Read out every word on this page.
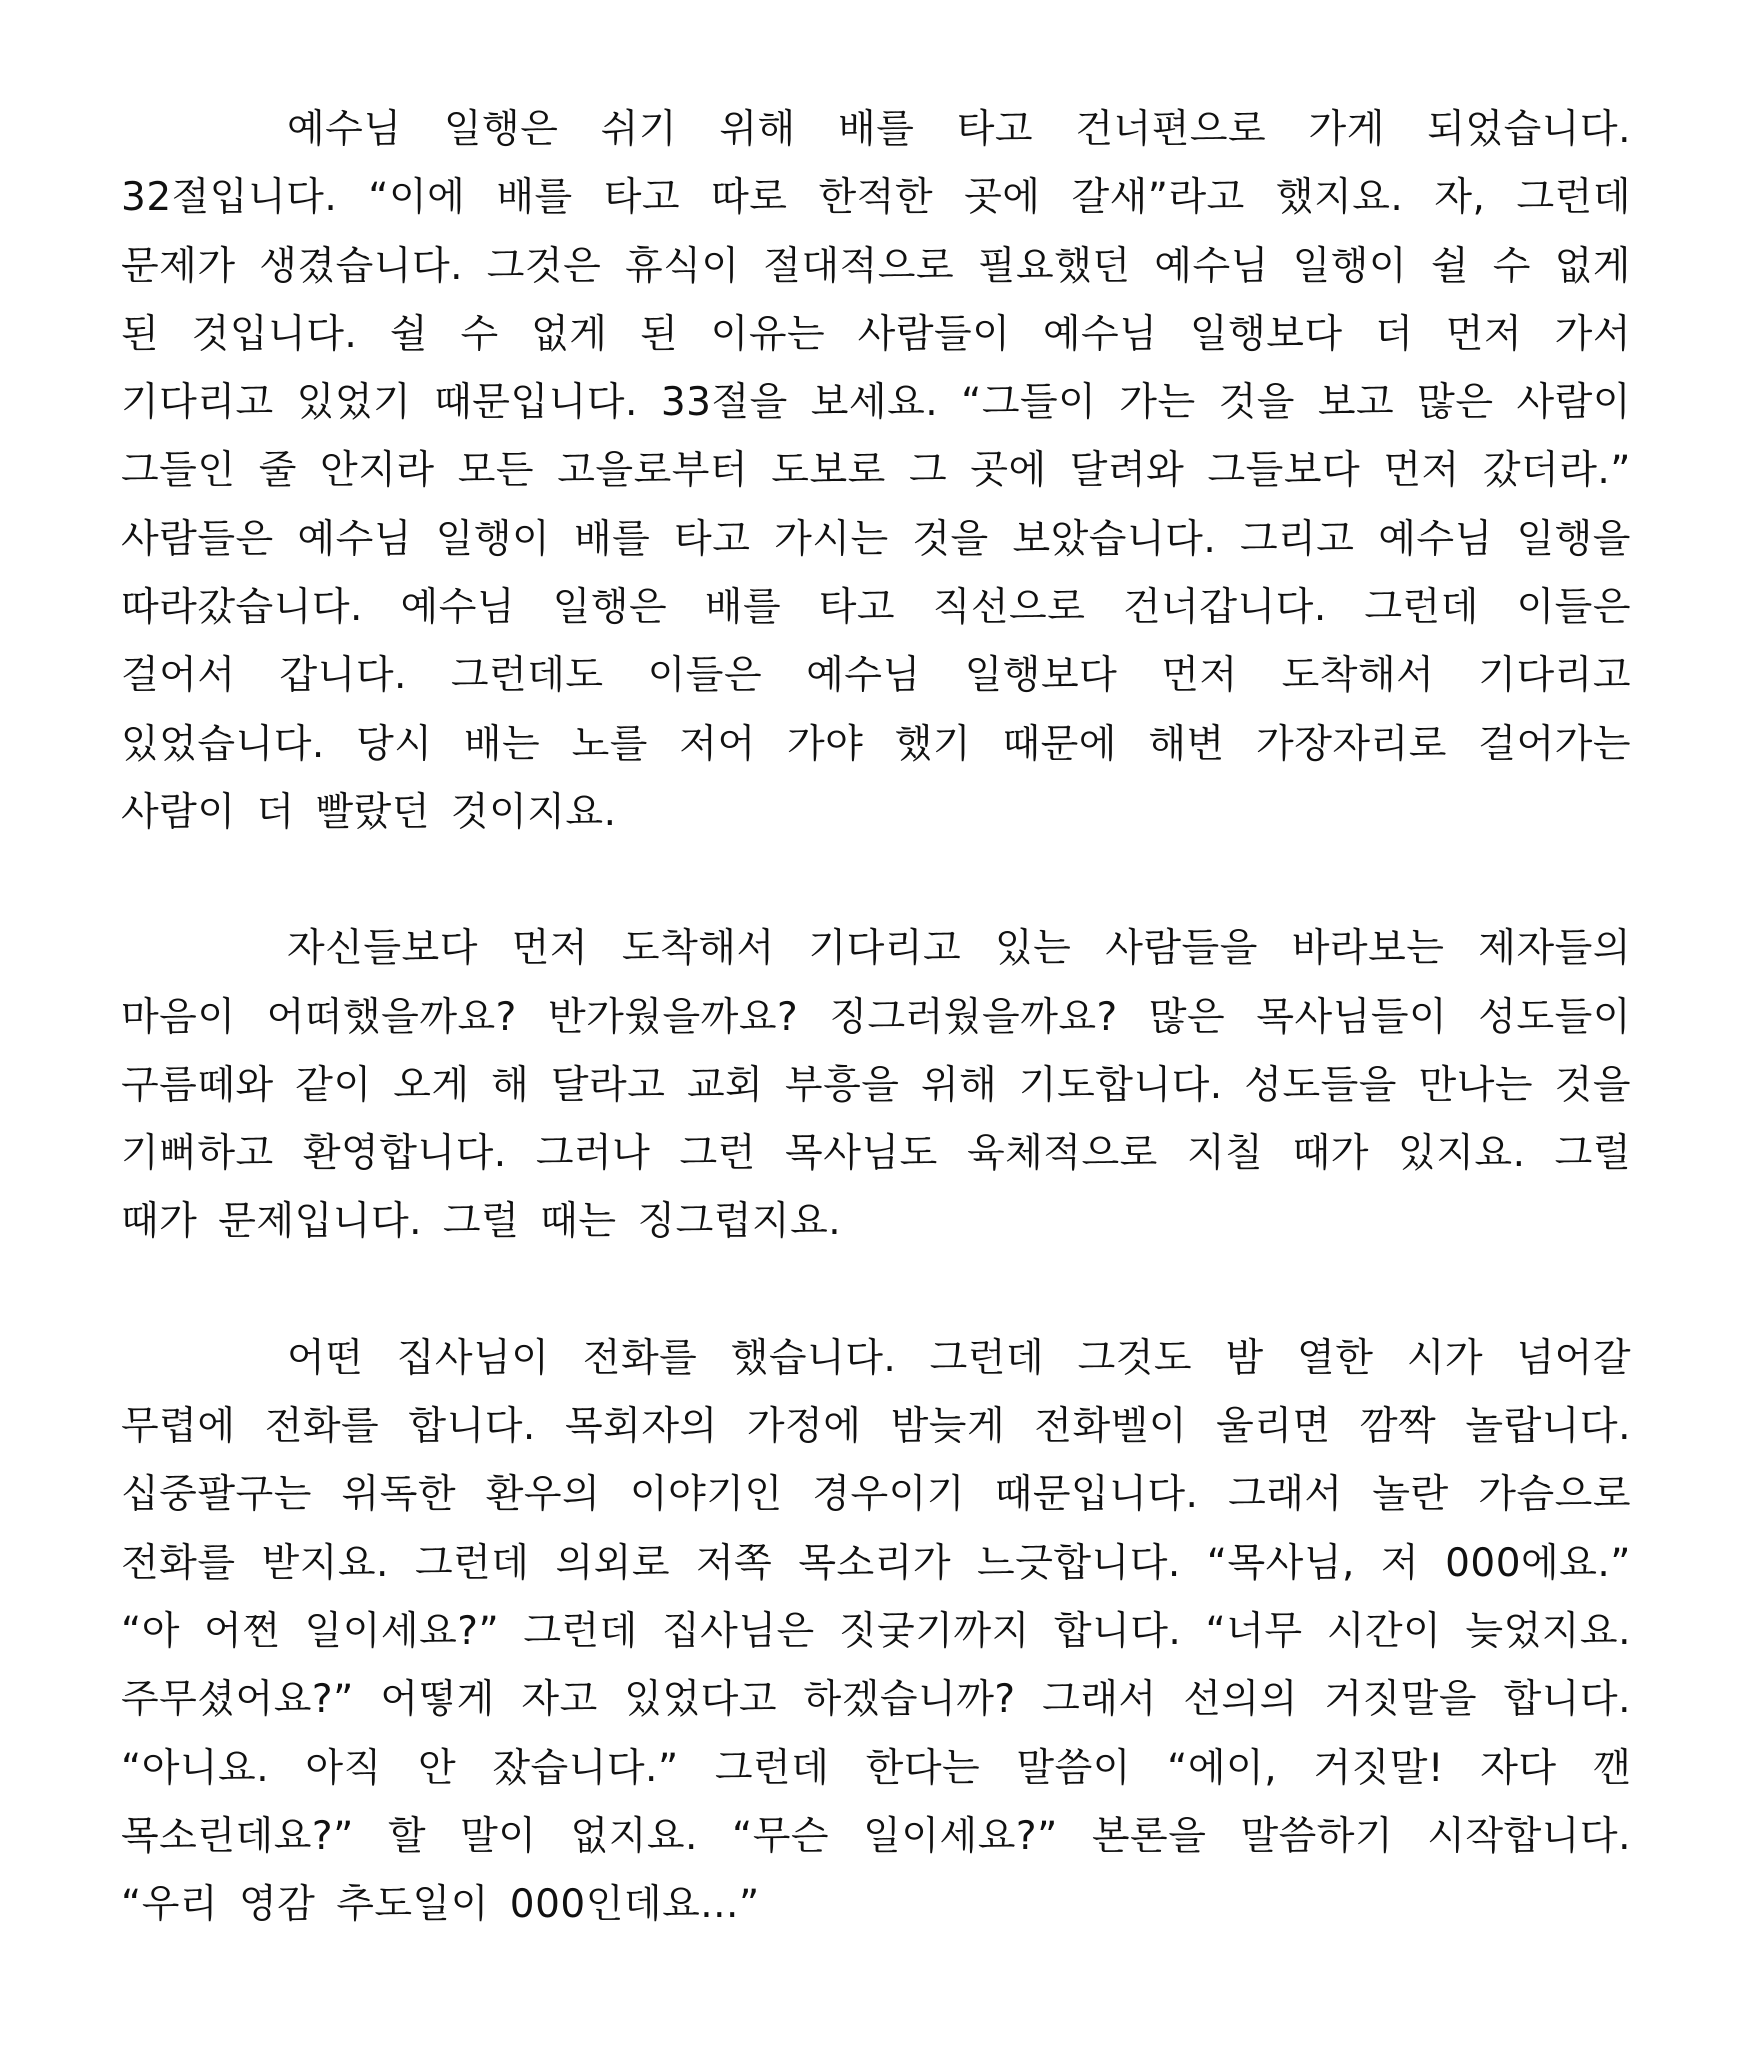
예수님 일행은 쉬기 위해 배를 타고 건너편으로 가게 되었습니다. 32절입니다. “이에 배를 타고 따로 한적한 곳에 갈새”라고 했지요. 자, 그런데 문제가 생겼습니다. 그것은 휴식이 절대적으로 필요했던 예수님 일행이 쉴 수 없게 된 것입니다. 쉴 수 없게 된 이유는 사람들이 예수님 일행보다 더 먼저 가서 기다리고 있었기 때문입니다. 33절을 보세요. “그들이 가는 것을 보고 많은 사람이 그들인 줄 안지라 모든 고을로부터 도보로 그 곳에 달려와 그들보다 먼저 갔더라.” 사람들은 예수님 일행이 배를 타고 가시는 것을 보았습니다. 그리고 예수님 일행을 따라갔습니다. 예수님 일행은 배를 타고 직선으로 건너갑니다. 그런데 이들은 걸어서 갑니다. 그런데도 이들은 예수님 일행보다 먼저 도착해서 기다리고 있었습니다. 당시 배는 노를 저어 가야 했기 때문에 해변 가장자리로 걸어가는 사람이 더 빨랐던 것이지요.

자신들보다 먼저 도착해서 기다리고 있는 사람들을 바라보는 제자들의 마음이 어떠했을까요? 반가웠을까요? 징그러웠을까요? 많은 목사님들이 성도들이 구름떼와 같이 오게 해 달라고 교회 부흥을 위해 기도합니다. 성도들을 만나는 것을 기뻐하고 환영합니다. 그러나 그런 목사님도 육체적으로 지칠 때가 있지요. 그럴 때가 문제입니다. 그럴 때는 징그럽지요.

어떤 집사님이 전화를 했습니다. 그런데 그것도 밤 열한 시가 넘어갈 무렵에 전화를 합니다. 목회자의 가정에 밤늦게 전화벨이 울리면 깜짝 놀랍니다. 십중팔구는 위독한 환우의 이야기인 경우이기 때문입니다. 그래서 놀란 가슴으로 전화를 받지요. 그런데 의외로 저쪽 목소리가 느긋합니다. “목사님, 저 000에요.” “아 어쩐 일이세요?” 그런데 집사님은 짓궂기까지 합니다. “너무 시간이 늦었지요. 주무셨어요?” 어떻게 자고 있었다고 하겠습니까? 그래서 선의의 거짓말을 합니다. “아니요. 아직 안 잤습니다.” 그런데 한다는 말씀이 “에이, 거짓말! 자다 깬 목소린데요?” 할 말이 없지요. “무슨 일이세요?” 본론을 말씀하기 시작합니다. “우리 영감 추도일이 000인데요...”
